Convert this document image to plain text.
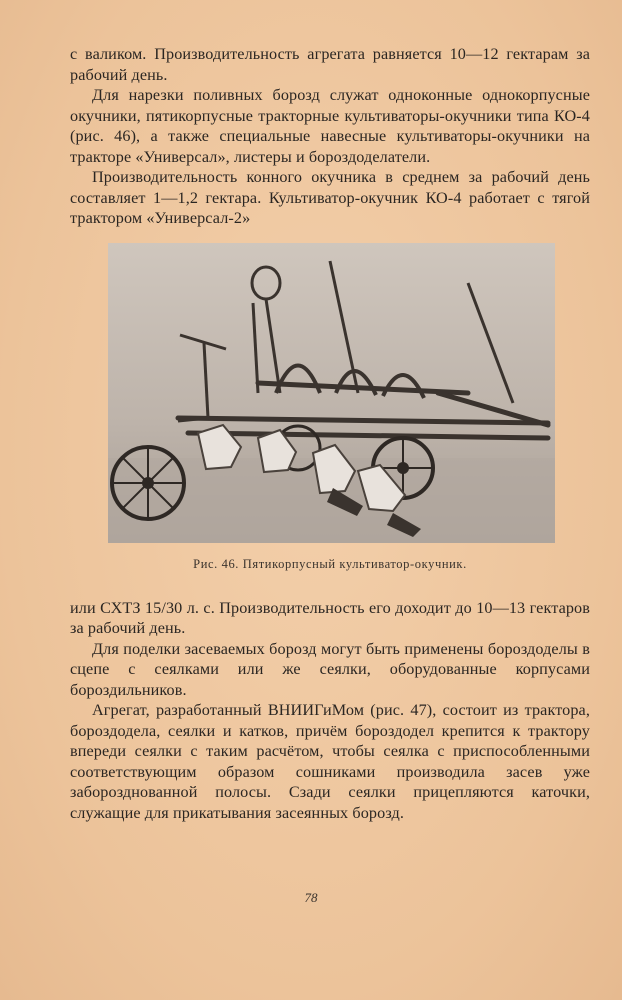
с валиком. Производительность агрегата равняется 10—12 гектарам за рабочий день.

Для нарезки поливных борозд служат одноконные однокорпусные окучники, пятикорпусные тракторные культиваторы-окучники типа КО-4 (рис. 46), а также специальные навесные культиваторы-окучники на тракторе «Универсал», листеры и бороздоделатели.

Производительность конного окучника в среднем за рабочий день составляет 1—1,2 гектара. Культиватор-окучник КО-4 работает с тягой трактором «Универсал-2»

Рис. 46. Пятикорпусный культиватор-окучник.

или СХТЗ 15/30 л. с. Производительность его доходит до 10—13 гектаров за рабочий день.

Для поделки засеваемых борозд могут быть применены бороздоделы в сцепе с сеялками или же сеялки, оборудованные корпусами бороздильников.

Агрегат, разработанный ВНИИГиМом (рис. 47), состоит из трактора, бороздодела, сеялки и катков, причём бороздодел крепится к трактору впереди сеялки с таким расчётом, чтобы сеялка с приспособленными соответствующим образом сошниками производила засев уже заборозднованной полосы. Сзади сеялки прицепляются каточки, служащие для прикатывания засеянных борозд.

78
